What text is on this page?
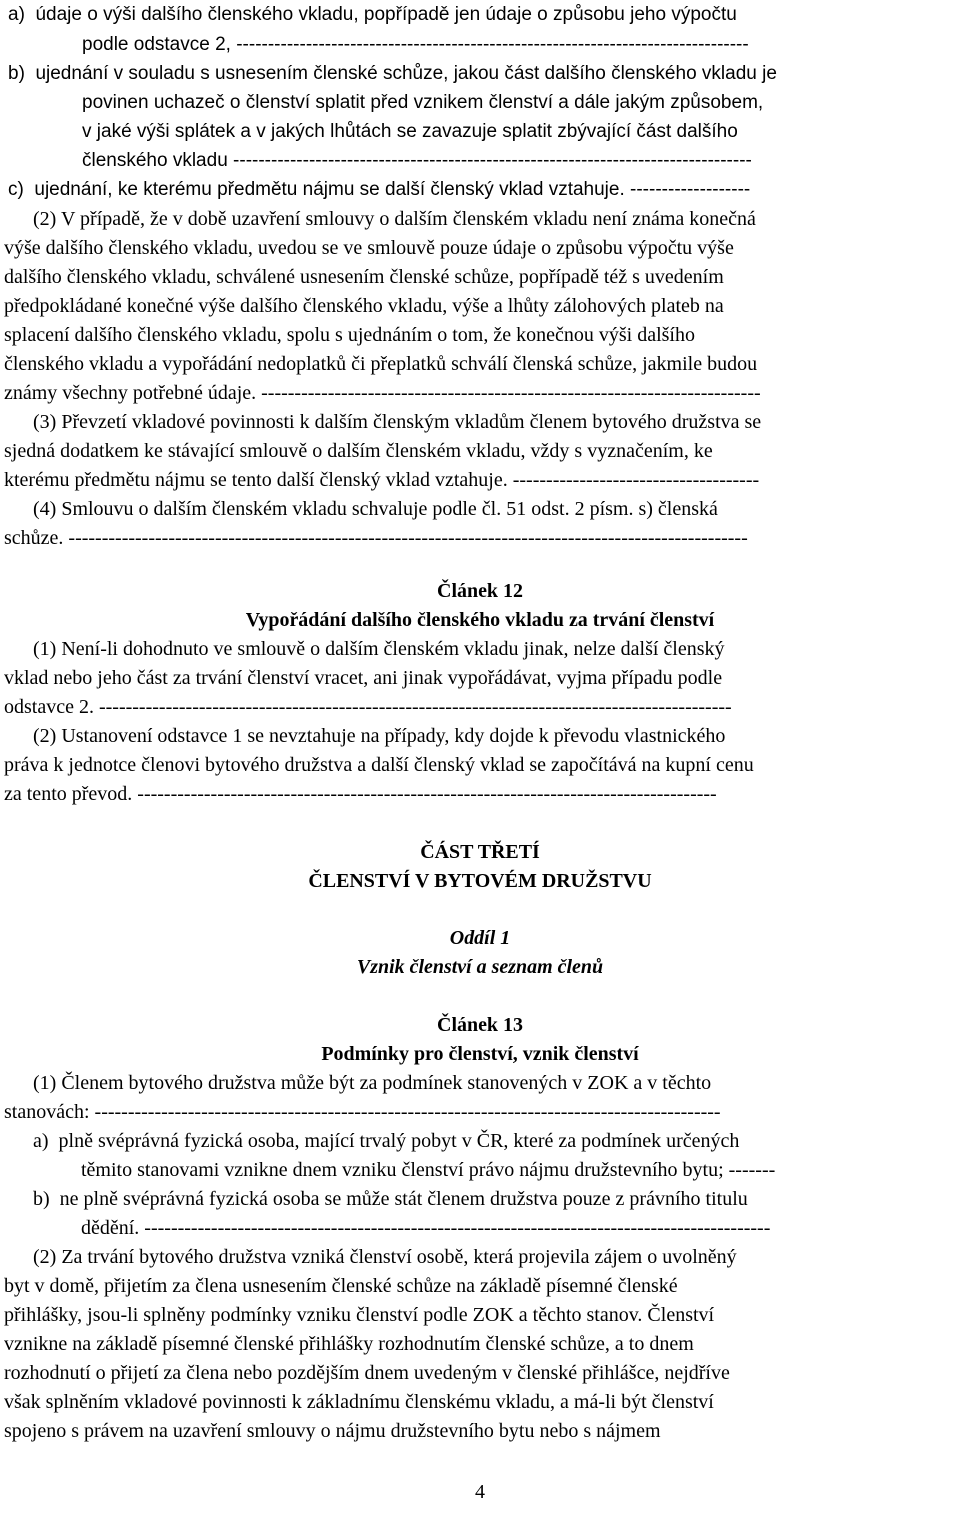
a)  údaje o výši dalšího členského vkladu, popřípadě jen údaje o způsobu jeho výpočtu
podle odstavce 2, ---------------------------------------------------------------------------------
b)  ujednání v souladu s usnesením členské schůze, jakou část dalšího členského vkladu je
povinen uchazeč o členství splatit před vznikem členství a dále jakým způsobem,
v jaké výši splátek a v jakých lhůtách se zavazuje splatit zbývající část dalšího
členského vkladu ----------------------------------------------------------------------------------
c)  ujednání, ke kterému předmětu nájmu se další členský vklad vztahuje. -------------------
(2) V případě, že v době uzavření smlouvy o dalším členském vkladu není známa konečná
výše dalšího členského vkladu, uvedou se ve smlouvě pouze údaje o způsobu výpočtu výše
dalšího členského vkladu, schválené usnesením členské schůze, popřípadě též s uvedením
předpokládané konečné výše dalšího členského vkladu, výše a lhůty zálohových plateb na
splacení dalšího členského vkladu, spolu s ujednáním o tom, že konečnou výši dalšího
členského vkladu a vypořádání nedoplatků či přeplatků schválí členská schůze, jakmile budou
známy všechny potřebné údaje. ---------------------------------------------------------------------------
(3) Převzetí vkladové povinnosti k dalším členským vkladům členem bytového družstva se
sjedná dodatkem ke stávající smlouvě o dalším členském vkladu, vždy s vyznačením, ke
kterému předmětu nájmu se tento další členský vklad vztahuje. -------------------------------------
(4) Smlouvu o dalším členském vkladu schvaluje podle čl. 51 odst. 2 písm. s) členská
schůze. ------------------------------------------------------------------------------------------------------
Článek 12
Vypořádání dalšího členského vkladu za trvání členství
(1) Není-li dohodnuto ve smlouvě o dalším členském vkladu jinak, nelze další členský
vklad nebo jeho část za trvání členství vracet, ani jinak vypořádávat, vyjma případu podle
odstavce 2. -----------------------------------------------------------------------------------------------
(2) Ustanovení odstavce 1 se nevztahuje na případy, kdy dojde k převodu vlastnického
práva k jednotce členovi bytového družstva a další členský vklad se započítává na kupní cenu
za tento převod. ---------------------------------------------------------------------------------------
ČÁST TŘETÍ
ČLENSTVÍ V BYTOVÉM DRUŽSTVU
Oddíl 1
Vznik členství a seznam členů
Článek 13
Podmínky pro členství, vznik členství
(1) Členem bytového družstva může být za podmínek stanovených v ZOK a v těchto
stanovách: ----------------------------------------------------------------------------------------------
a)  plně svéprávná fyzická osoba, mající trvalý pobyt v ČR, které za podmínek určených
těmito stanovami vznikne dnem vzniku členství právo nájmu družstevního bytu; -------
b)  ne plně svéprávná fyzická osoba se může stát členem družstva pouze z právního titulu
dědění. ----------------------------------------------------------------------------------------------
(2) Za trvání bytového družstva vzniká členství osobě, která projevila zájem o uvolněný
byt v domě, přijetím za člena usnesením členské schůze na základě písemné členské
přihlášky, jsou-li splněny podmínky vzniku členství podle ZOK a těchto stanov. Členství
vznikne na základě písemné členské přihlášky rozhodnutím členské schůze, a to dnem
rozhodnutí o přijetí za člena nebo pozdějším dnem uvedeným v členské přihlášce, nejdříve
však splněním vkladové povinnosti k základnímu členskému vkladu, a má-li být členství
spojeno s právem na uzavření smlouvy o nájmu družstevního bytu nebo s nájmem
4
